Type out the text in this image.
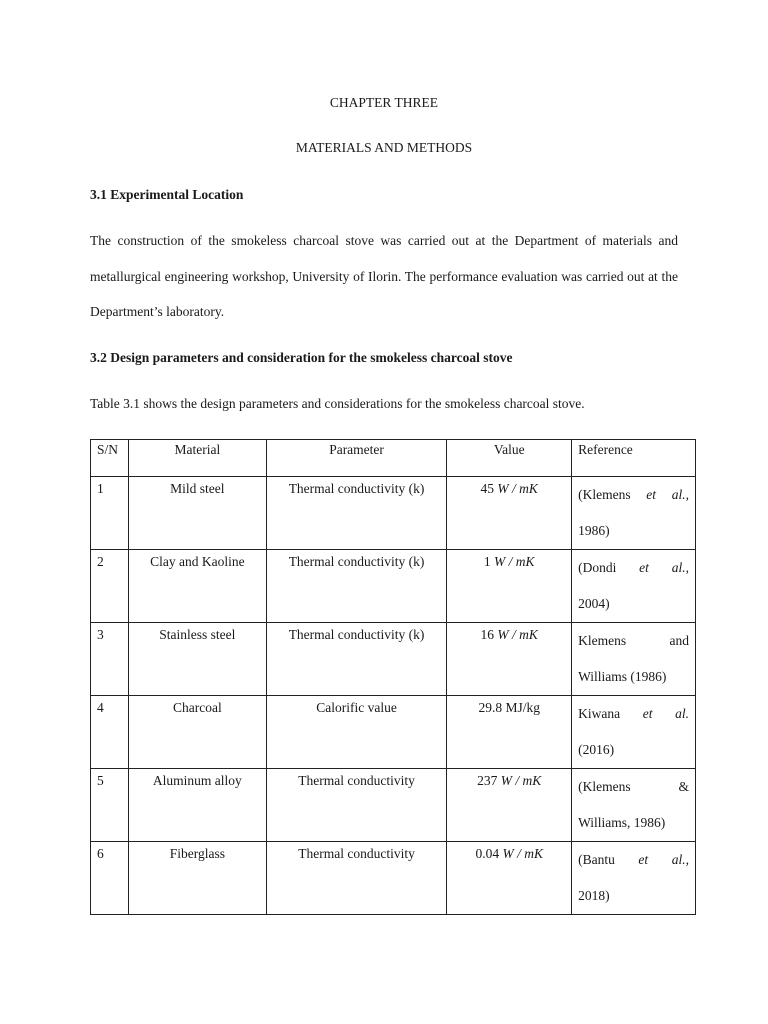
CHAPTER THREE
MATERIALS AND METHODS
3.1 Experimental Location
The construction of the smokeless charcoal stove was carried out at the Department of materials and metallurgical engineering workshop, University of Ilorin. The performance evaluation was carried out at the Department’s laboratory.
3.2 Design parameters and consideration for the smokeless charcoal stove
Table 3.1 shows the design parameters and considerations for the smokeless charcoal stove.
S/N	Material	Parameter	Value	Reference
1	Mild steel	Thermal conductivity (k)	45 W / mK	(Klemens et al.,
1986)

2	Clay and Kaoline	Thermal conductivity (k)	1 W / mK	(Dondi et al.,
2004)

3	Stainless steel	Thermal conductivity (k)	16 W / mK	Klemens and
Williams (1986)

4	Charcoal	Calorific value	29.8 MJ/kg	Kiwana et al.
(2016)

5	Aluminum alloy	Thermal conductivity	237 W / mK	(Klemens &
Williams, 1986)

6	Fiberglass	Thermal conductivity	0.04 W / mK	(Bantu et al.,
2018)
